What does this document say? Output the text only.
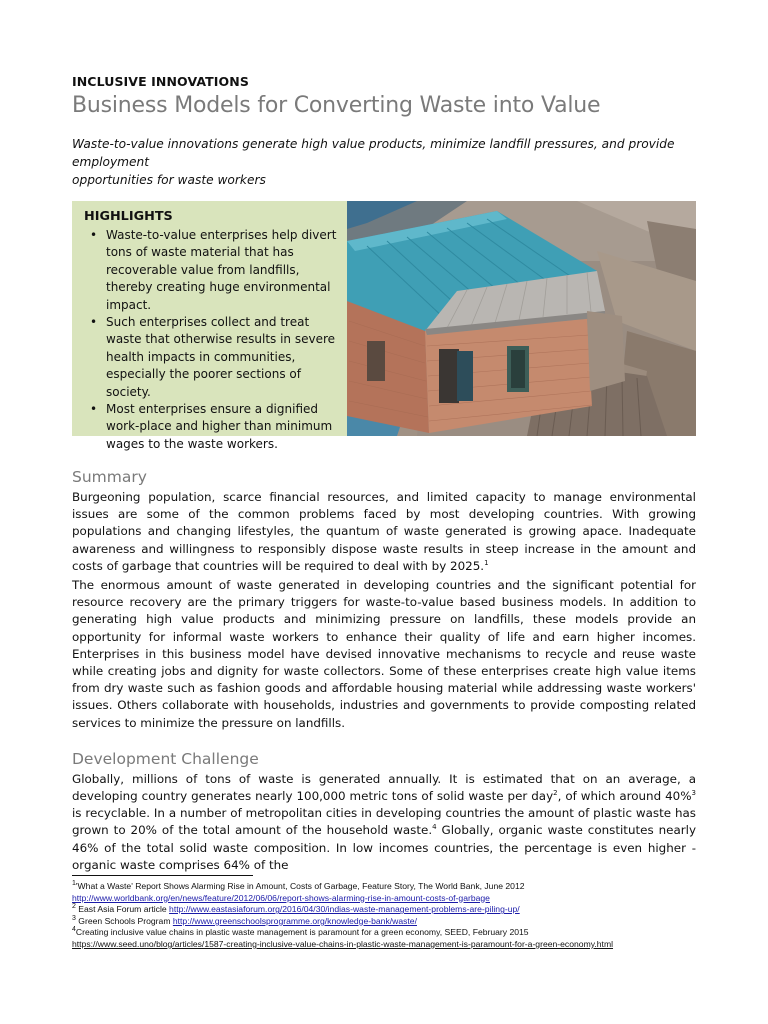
INCLUSIVE INNOVATIONS
Business Models for Converting Waste into Value
Waste-to-value innovations generate high value products, minimize landfill pressures, and provide employment
opportunities for waste workers
HIGHLIGHTS
• Waste-to-value enterprises help divert tons of waste material that has recoverable value from landfills, thereby creating huge environmental impact.
• Such enterprises collect and treat waste that otherwise results in severe health impacts in communities, especially the poorer sections of society.
• Most enterprises ensure a dignified work-place and higher than minimum wages to the waste workers.
Summary

Burgeoning population, scarce financial resources, and limited capacity to manage environmental issues are some of the common problems faced by most developing countries. With growing populations and changing lifestyles, the quantum of waste generated is growing apace. Inadequate awareness and willingness to responsibly dispose waste results in steep increase in the amount and costs of garbage that countries will be required to deal with by 2025.$^1$

The enormous amount of waste generated in developing countries and the significant potential for resource recovery are the primary triggers for waste-to-value based business models. In addition to generating high value products and minimizing pressure on landfills, these models provide an opportunity for informal waste workers to enhance their quality of life and earn higher incomes. Enterprises in this business model have devised innovative mechanisms to recycle and reuse waste while creating jobs and dignity for waste collectors. Some of these enterprises create high value items from dry waste such as fashion goods and affordable housing material while addressing waste workers' issues. Others collaborate with households, industries and governments to provide composting related services to minimize the pressure on landfills.

Development Challenge

Globally, millions of tons of waste is generated annually. It is estimated that on an average, a developing country generates nearly 100,000 metric tons of solid waste per day$^2$, of which around 40%$^3$ is recyclable. In a number of metropolitan cities in developing countries the amount of plastic waste has grown to 20% of the total amount of the household waste.$^4$ Globally, organic waste constitutes nearly 46% of the total solid waste composition. In low incomes countries, the percentage is even higher - organic waste comprises 64% of the

$^1$'What a Waste' Report Shows Alarming Rise in Amount, Costs of Garbage, Feature Story, The World Bank, June 2012
http://www.worldbank.org/en/news/feature/2012/06/06/report-shows-alarming-rise-in-amount-costs-of-garbage
$^2$ East Asia Forum article http://www.eastasiaforum.org/2016/04/30/indias-waste-management-problems-are-piling-up/
$^3$ Green Schools Program http://www.greenschoolsprogramme.org/knowledge-bank/waste/
$^4$Creating inclusive value chains in plastic waste management is paramount for a green economy, SEED, February 2015
https://www.seed.uno/blog/articles/1587-creating-inclusive-value-chains-in-plastic-waste-management-is-paramount-for-a-green-economy.html
